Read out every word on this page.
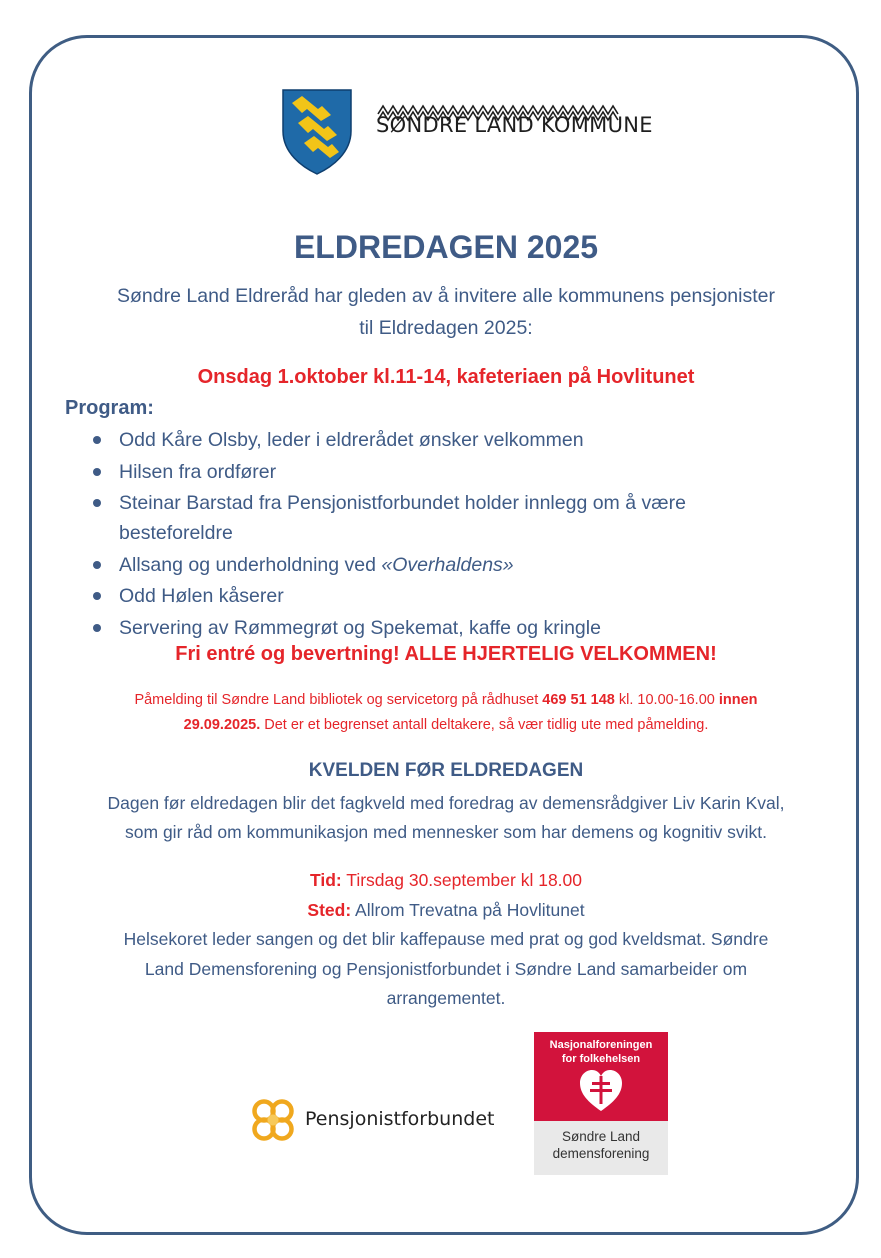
SØNDRE LAND KOMMUNE
ELDREDAGEN 2025
Søndre Land Eldreråd har gleden av å invitere alle kommunens pensjonister
til Eldredagen 2025:
Onsdag 1.oktober kl.11-14, kafeteriaen på Hovlitunet
Program:
Odd Kåre Olsby, leder i eldrerådet ønsker velkommen
Hilsen fra ordfører
Steinar Barstad fra Pensjonistforbundet holder innlegg om å være
besteforeldre
Allsang og underholdning ved «Overhaldens»
Odd Hølen kåserer
Servering av Rømmegrøt og Spekemat, kaffe og kringle
Fri entré og bevertning! ALLE HJERTELIG VELKOMMEN!
Påmelding til Søndre Land bibliotek og servicetorg på rådhuset 469 51 148 kl. 10.00-16.00 innen
29.09.2025. Det er et begrenset antall deltakere, så vær tidlig ute med påmelding.
KVELDEN FØR ELDREDAGEN
Dagen før eldredagen blir det fagkveld med foredrag av demensrådgiver Liv Karin Kval,
som gir råd om kommunikasjon med mennesker som har demens og kognitiv svikt.
Tid: Tirsdag 30.september kl 18.00
Sted: Allrom Trevatna på Hovlitunet
Helsekoret leder sangen og det blir kaffepause med prat og god kveldsmat. Søndre
Land Demensforening og Pensjonistforbundet i Søndre Land samarbeider om
arrangementet.
Pensjonistforbundet
Nasjonalforeningen
for folkehelsen
Søndre Land
demensforening
